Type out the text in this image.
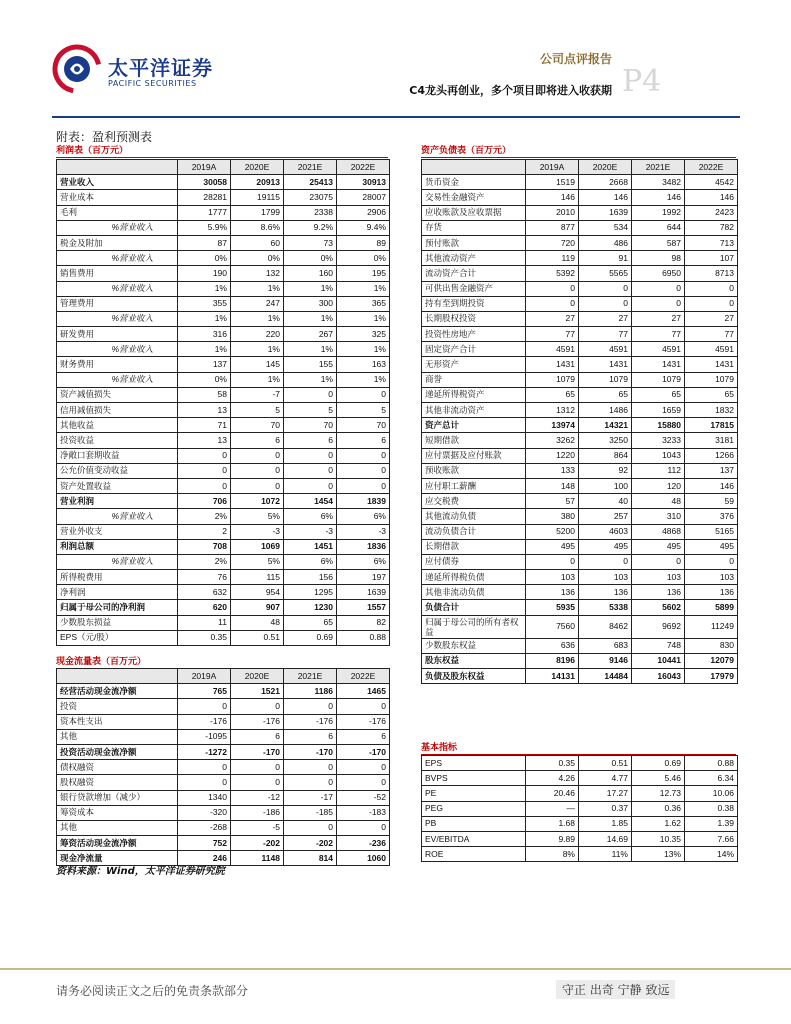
太平洋证券
PACIFIC SECURITIES
公司点评报告
C4龙头再创业，多个项目即将进入收获期 P4
附表：盈利预测表
利润表（百万元）	资产负债表（百万元）
	2019A	2020E	2021E	2022E
营业收入	30058	20913	25413	30913
营业成本	28281	19115	23075	28007
毛利	1777	1799	2338	2906
%营业收入	5.9%	8.6%	9.2%	9.4%
税金及附加	87	60	73	89
%营业收入	0%	0%	0%	0%
销售费用	190	132	160	195
%营业收入	1%	1%	1%	1%
管理费用	355	247	300	365
%营业收入	1%	1%	1%	1%
研发费用	316	220	267	325
%营业收入	1%	1%	1%	1%
财务费用	137	145	155	163
%营业收入	0%	1%	1%	1%
资产减值损失	58	-7	0	0
信用减值损失	13	5	5	5
其他收益	71	70	70	70
投资收益	13	6	6	6
净敞口套期收益	0	0	0	0
公允价值变动收益	0	0	0	0
资产处置收益	0	0	0	0
营业利润	706	1072	1454	1839
%营业收入	2%	5%	6%	6%
营业外收支	2	-3	-3	-3
利润总额	708	1069	1451	1836
%营业收入	2%	5%	6%	6%
所得税费用	76	115	156	197
净利润	632	954	1295	1639
归属于母公司的净利润	620	907	1230	1557
少数股东损益	11	48	65	82
EPS（元/股）	0.35	0.51	0.69	0.88
现金流量表（百万元）
	2019A	2020E	2021E	2022E
经营活动现金流净额	765	1521	1186	1465
投资	0	0	0	0
资本性支出	-176	-176	-176	-176
其他	-1095	6	6	6
投资活动现金流净额	-1272	-170	-170	-170
债权融资	0	0	0	0
股权融资	0	0	0	0
银行贷款增加（减少）	1340	-12	-17	-52
筹资成本	-320	-186	-185	-183
其他	-268	-5	0	0
筹资活动现金流净额	752	-202	-202	-236
现金净流量	246	1148	814	1060
	2019A	2020E	2021E	2022E
货币资金	1519	2668	3482	4542
交易性金融资产	146	146	146	146
应收账款及应收票据	2010	1639	1992	2423
存货	877	534	644	782
预付账款	720	486	587	713
其他流动资产	119	91	98	107
流动资产合计	5392	5565	6950	8713
可供出售金融资产	0	0	0	0
持有至到期投资	0	0	0	0
长期股权投资	27	27	27	27
投资性房地产	77	77	77	77
固定资产合计	4591	4591	4591	4591
无形资产	1431	1431	1431	1431
商誉	1079	1079	1079	1079
递延所得税资产	65	65	65	65
其他非流动资产	1312	1486	1659	1832
资产总计	13974	14321	15880	17815
短期借款	3262	3250	3233	3181
应付票据及应付账款	1220	864	1043	1266
预收账款	133	92	112	137
应付职工薪酬	148	100	120	146
应交税费	57	40	48	59
其他流动负债	380	257	310	376
流动负债合计	5200	4603	4868	5165
长期借款	495	495	495	495
应付债券	0	0	0	0
递延所得税负债	103	103	103	103
其他非流动负债	136	136	136	136
负债合计	5935	5338	5602	5899
归属于母公司的所有者权益	7560	8462	9692	11249
少数股东权益	636	683	748	830
股东权益	8196	9146	10441	12079
负债及股东权益	14131	14484	16043	17979
基本指标
EPS	0.35	0.51	0.69	0.88
BVPS	4.26	4.77	5.46	6.34
PE	20.46	17.27	12.73	10.06
PEG	—	0.37	0.36	0.38
PB	1.68	1.85	1.62	1.39
EV/EBITDA	9.89	14.69	10.35	7.66
ROE	8%	11%	13%	14%
资料来源：Wind，太平洋证券研究院
请务必阅读正文之后的免责条款部分	守正 出奇 宁静 致远
